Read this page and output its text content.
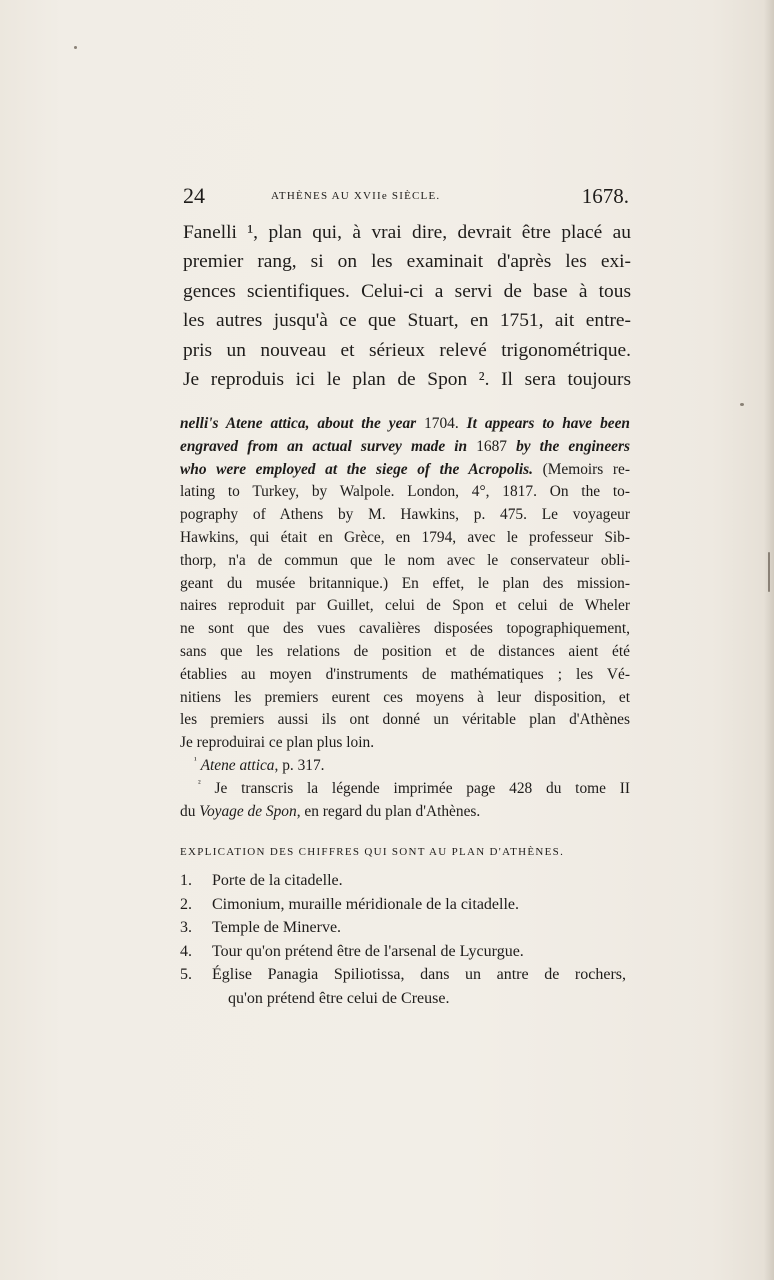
24	ATHÈNES AU XVIIe SIÈCLE.	1678.
Fanelli ¹, plan qui, à vrai dire, devrait être placé au
premier rang, si on les examinait d'après les exi-
gences scientifiques. Celui-ci a servi de base à tous
les autres jusqu'à ce que Stuart, en 1751, ait entre-
pris un nouveau et sérieux relevé trigonométrique.
Je reproduis ici le plan de Spon ². Il sera toujours
nelli's Atene attica, about the year 1704. It appears to have been
engraved from an actual survey made in 1687 by the engineers
who were employed at the siege of the Acropolis. (Memoirs re-
lating to Turkey, by Walpole. London, 4°, 1817. On the to-
pography of Athens by M. Hawkins, p. 475. Le voyageur
Hawkins, qui était en Grèce, en 1794, avec le professeur Sib-
thorp, n'a de commun que le nom avec le conservateur obli-
geant du musée britannique.) En effet, le plan des mission-
naires reproduit par Guillet, celui de Spon et celui de Wheler
ne sont que des vues cavalières disposées topographiquement,
sans que les relations de position et de distances aient été
établies au moyen d'instruments de mathématiques ; les Vé-
nitiens les premiers eurent ces moyens à leur disposition, et
les premiers aussi ils ont donné un véritable plan d'Athènes
Je reproduirai ce plan plus loin.
$^{^1}$ Atene attica, p. 317.
$^{^2}$ Je transcris la légende imprimée page 428 du tome II
du Voyage de Spon, en regard du plan d'Athènes.
EXPLICATION DES CHIFFRES QUI SONT AU PLAN D'ATHÈNES.
1. Porte de la citadelle.
2. Cimonium, muraille méridionale de la citadelle.
3. Temple de Minerve.
4. Tour qu'on prétend être de l'arsenal de Lycurgue.
5. Église Panagia Spiliotissa, dans un antre de rochers,
qu'on prétend être celui de Creuse.
